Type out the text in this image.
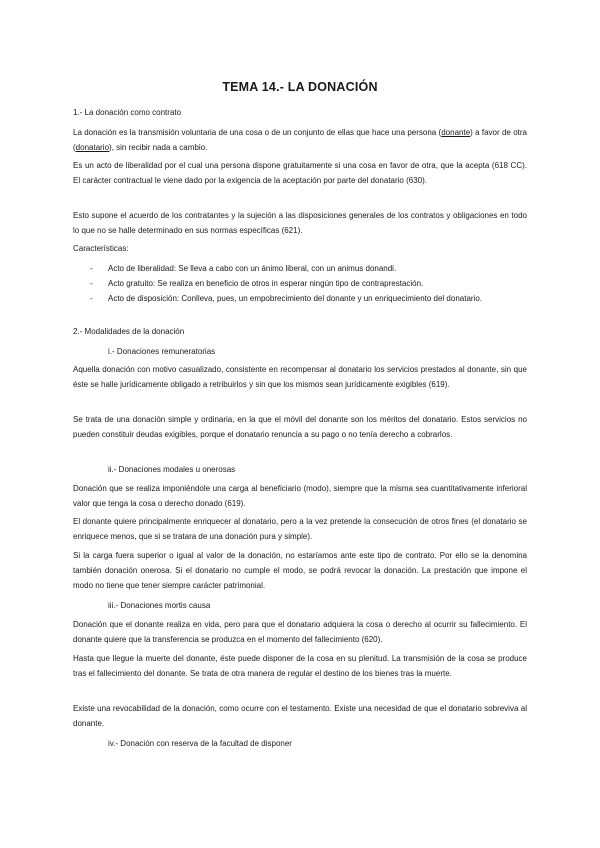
TEMA 14.- LA DONACIÓN
1.- La donación como contrato
La donación es la transmisión voluntaria de una cosa o de un conjunto de ellas que hace una persona (donante) a favor de otra (donatario), sin recibir nada a cambio.
Es un acto de liberalidad por el cual una persona dispone gratuitamente si una cosa en favor de otra, que la acepta (618 CC). El carácter contractual le viene dado por la exigencia de la aceptación por parte del donatario (630).
Esto supone el acuerdo de los contratantes y la sujeción a las disposiciones generales de los contratos y obligaciones en todo lo que no se halle determinado en sus normas específicas (621).
Características:
- Acto de liberalidad: Se lleva a cabo con un ánimo liberal, con un animus donandi.
- Acto gratuito: Se realiza en beneficio de otros in esperar ningún tipo de contraprestación.
- Acto de disposición: Conlleva, pues, un empobrecimiento del donante y un enriquecimiento del donatario.
2.- Modalidades de la donación
i.- Donaciones remuneratorias
Aquella donación con motivo casualizado, consistente en recompensar al donatario los servicios prestados al donante, sin que éste se halle jurídicamente obligado a retribuirlos y sin que los mismos sean jurídicamente exigibles (619).
Se trata de una donación simple y ordinaria, en la que el móvil del donante son los méritos del donatario. Estos servicios no pueden constituir deudas exigibles, porque el donatario renuncia a su pago o no tenía derecho a cobrarlos.
ii.- Donaciones modales u onerosas
Donación que se realiza imponiéndole una carga al beneficiario (modo), siempre que la misma sea cuantitativamente inferioral valor que tenga la cosa o derecho donado (619).
El donante quiere principalmente enriquecer al donatario, pero a la vez pretende la consecución de otros fines (el donatario se enriquece menos, que si se tratara de una donación pura y simple).
Si la carga fuera superior o igual al valor de la donación, no estaríamos ante este tipo de contrato. Por ello se la denomina también donación onerosa. Si el donatario no cumple el modo, se podrá revocar la donación. La prestación que impone el modo no tiene que tener siempre carácter patrimonial.
iii.- Donaciones mortis causa
Donación que el donante realiza en vida, pero para que el donatario adquiera la cosa o derecho al ocurrir su fallecimiento. El donante quiere que la transferencia se produzca en el momento del fallecimiento (620).
Hasta que llegue la muerte del donante, éste puede disponer de la cosa en su plenitud. La transmisión de la cosa se produce tras el fallecimiento del donante. Se trata de otra manera de regular el destino de los bienes tras la muerte.
Existe una revocabilidad de la donación, como ocurre con el testamento. Existe una necesidad de que el donatario sobreviva al donante.
iv.- Donación con reserva de la facultad de disponer
